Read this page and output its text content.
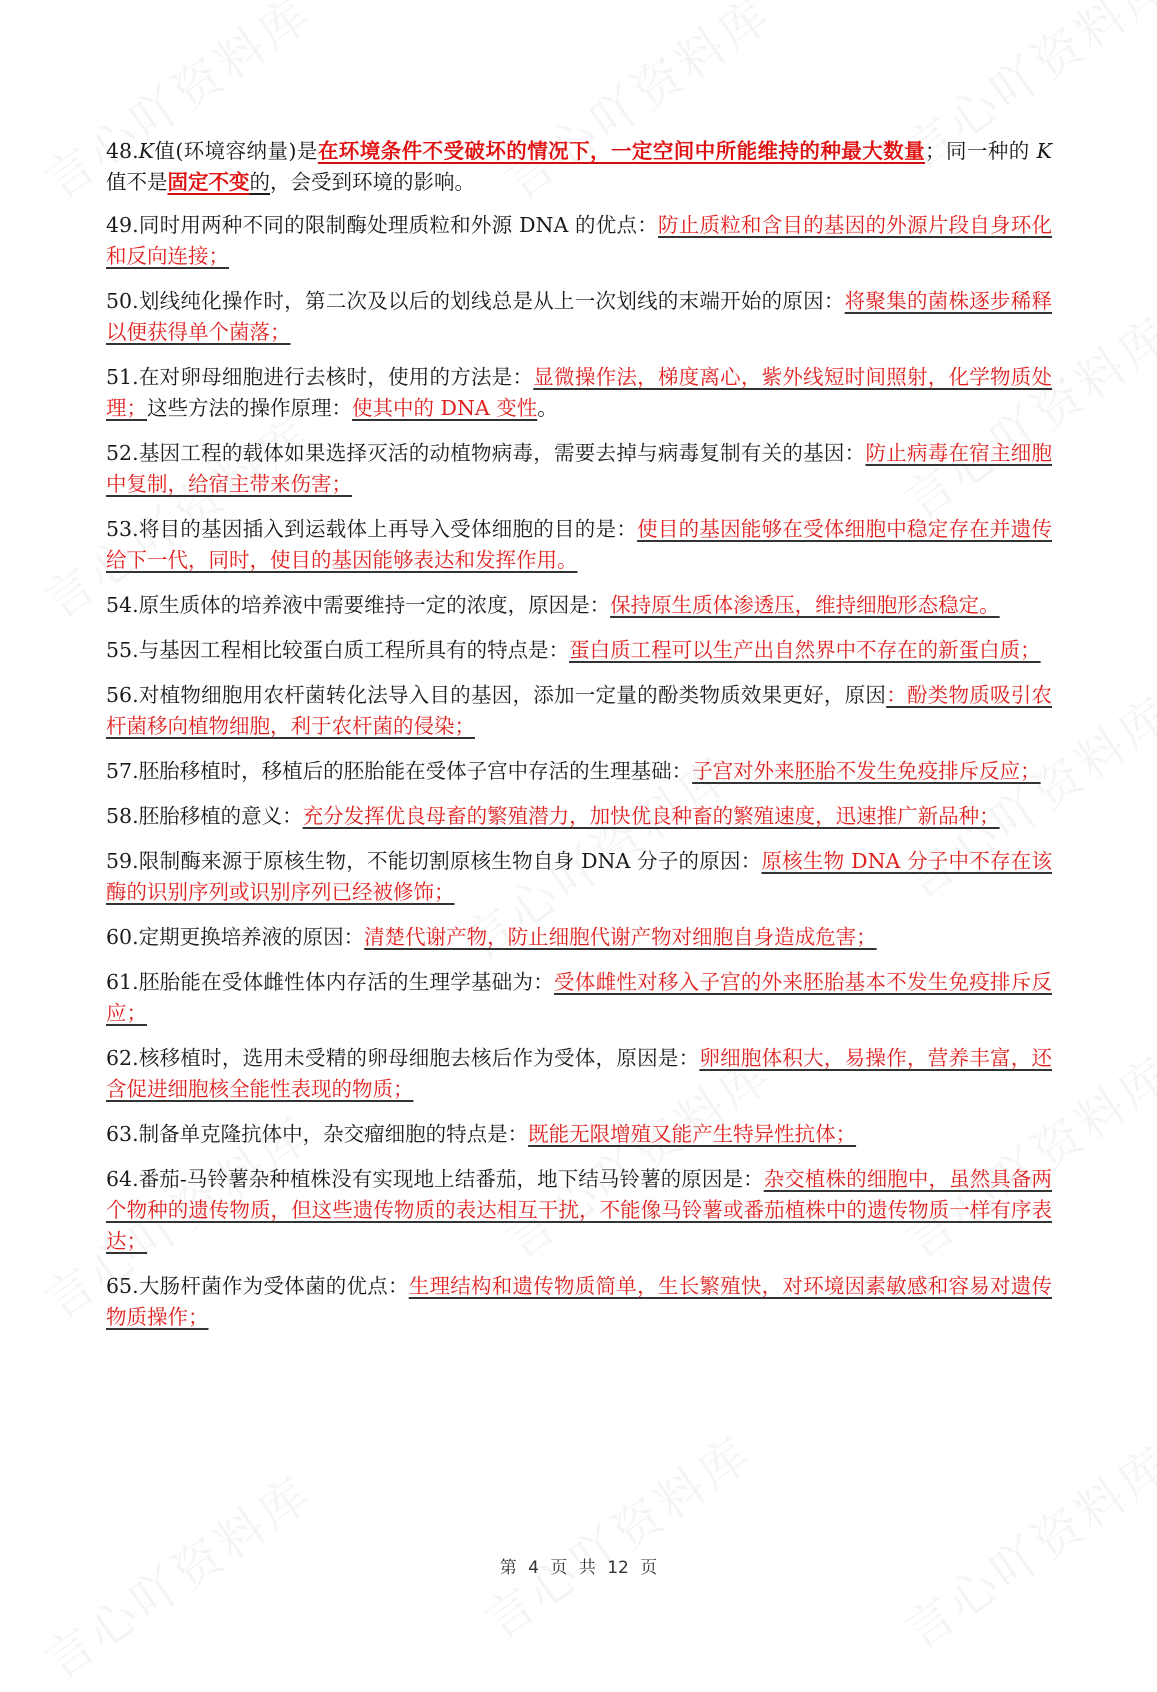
48.K值(环境容纳量)是在环境条件不受破坏的情况下，一定空间中所能维持的种最大数量；同一种的 K值不是固定不变的，会受到环境的影响。
49.同时用两种不同的限制酶处理质粒和外源 DNA 的优点：防止质粒和含目的基因的外源片段自身环化和反向连接；
50.划线纯化操作时，第二次及以后的划线总是从上一次划线的末端开始的原因：将聚集的菌株逐步稀释以便获得单个菌落；
51.在对卵母细胞进行去核时，使用的方法是：显微操作法，梯度离心，紫外线短时间照射，化学物质处理；这些方法的操作原理：使其中的 DNA 变性。
52.基因工程的载体如果选择灭活的动植物病毒，需要去掉与病毒复制有关的基因：防止病毒在宿主细胞中复制，给宿主带来伤害；
53.将目的基因插入到运载体上再导入受体细胞的目的是：使目的基因能够在受体细胞中稳定存在并遗传给下一代，同时，使目的基因能够表达和发挥作用。
54.原生质体的培养液中需要维持一定的浓度，原因是：保持原生质体渗透压，维持细胞形态稳定。
55.与基因工程相比较蛋白质工程所具有的特点是：蛋白质工程可以生产出自然界中不存在的新蛋白质；
56.对植物细胞用农杆菌转化法导入目的基因，添加一定量的酚类物质效果更好，原因：酚类物质吸引农杆菌移向植物细胞，利于农杆菌的侵染；
57.胚胎移植时，移植后的胚胎能在受体子宫中存活的生理基础：子宫对外来胚胎不发生免疫排斥反应；
58.胚胎移植的意义：充分发挥优良母畜的繁殖潜力，加快优良种畜的繁殖速度，迅速推广新品种；
59.限制酶来源于原核生物，不能切割原核生物自身 DNA 分子的原因：原核生物 DNA 分子中不存在该酶的识别序列或识别序列已经被修饰；
60.定期更换培养液的原因：清楚代谢产物，防止细胞代谢产物对细胞自身造成危害；
61.胚胎能在受体雌性体内存活的生理学基础为：受体雌性对移入子宫的外来胚胎基本不发生免疫排斥反应；
62.核移植时，选用未受精的卵母细胞去核后作为受体，原因是：卵细胞体积大，易操作，营养丰富，还含促进细胞核全能性表现的物质；
63.制备单克隆抗体中，杂交瘤细胞的特点是：既能无限增殖又能产生特异性抗体；
64.番茄-马铃薯杂种植株没有实现地上结番茄，地下结马铃薯的原因是：杂交植株的细胞中，虽然具备两个物种的遗传物质，但这些遗传物质的表达相互干扰，不能像马铃薯或番茄植株中的遗传物质一样有序表达；
65.大肠杆菌作为受体菌的优点：生理结构和遗传物质简单，生长繁殖快，对环境因素敏感和容易对遗传物质操作；
第 4 页 共 12 页
